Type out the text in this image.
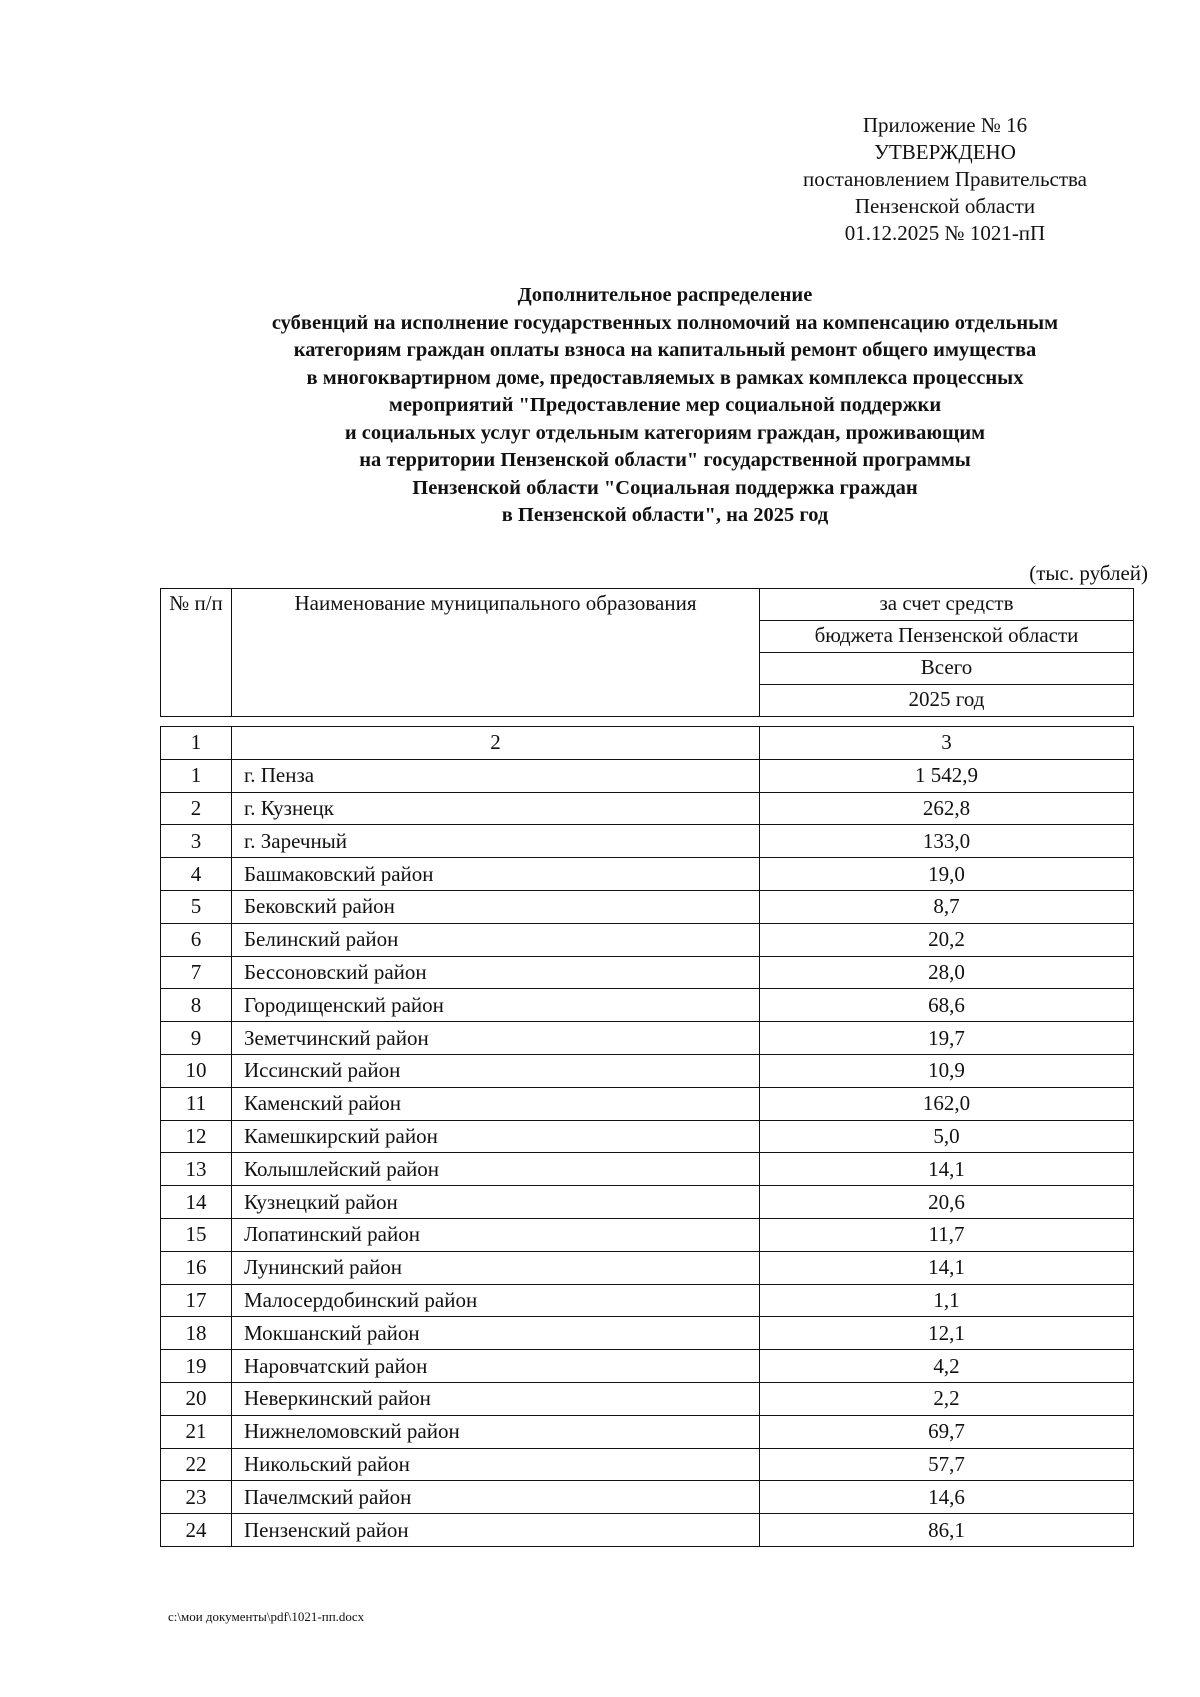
Приложение № 16
УТВЕРЖДЕНО
постановлением Правительства
Пензенской области
01.12.2025 № 1021-пП
Дополнительное распределение
субвенций на исполнение государственных полномочий на компенсацию отдельным
категориям граждан оплаты взноса на капитальный ремонт общего имущества
в многоквартирном доме, предоставляемых в рамках комплекса процессных
мероприятий "Предоставление мер социальной поддержки
и социальных услуг отдельным категориям граждан, проживающим
на территории Пензенской области" государственной программы
Пензенской области "Социальная поддержка граждан
в Пензенской области", на 2025 год
(тыс. рублей)
№ п/п	Наименование муниципального образования	за счет средств
бюджета Пензенской области
Всего
2025 год
1	2	3
1	г. Пенза	1 542,9
2	г. Кузнецк	262,8
3	г. Заречный	133,0
4	Башмаковский район	19,0
5	Бековский район	8,7
6	Белинский район	20,2
7	Бессоновский район	28,0
8	Городищенский район	68,6
9	Земетчинский район	19,7
10	Иссинский район	10,9
11	Каменский район	162,0
12	Камешкирский район	5,0
13	Колышлейский район	14,1
14	Кузнецкий район	20,6
15	Лопатинский район	11,7
16	Лунинский район	14,1
17	Малосердобинский район	1,1
18	Мокшанский район	12,1
19	Наровчатский район	4,2
20	Неверкинский район	2,2
21	Нижнеломовский район	69,7
22	Никольский район	57,7
23	Пачелмский район	14,6
24	Пензенский район	86,1
c:\мои документы\pdf\1021-пп.docx
